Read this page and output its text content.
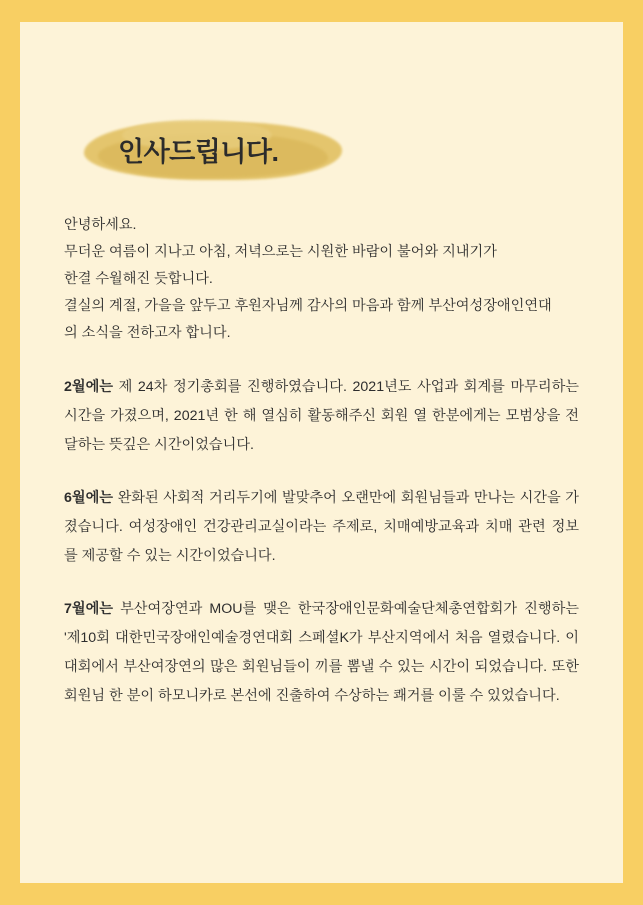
인사드립니다.
안녕하세요.
무더운 여름이 지나고 아침, 저녁으로는 시원한 바람이 불어와 지내기가
한결 수월해진 듯합니다.
결실의 계절, 가을을 앞두고 후원자님께 감사의 마음과 함께 부산여성장애인연대
의 소식을 전하고자 합니다.

2월에는 제 24차 정기총회를 진행하였습니다. 2021년도 사업과 회계를 마무리하는 시간을 가졌으며, 2021년 한 해 열심히 활동해주신 회원 열 한분에게는 모범상을 전달하는 뜻깊은 시간이었습니다.

6월에는 완화된 사회적 거리두기에 발맞추어 오랜만에 회원님들과 만나는 시간을 가졌습니다. 여성장애인 건강관리교실이라는 주제로, 치매예방교육과 치매 관련 정보를 제공할 수 있는 시간이었습니다.

7월에는 부산여장연과 MOU를 맺은 한국장애인문화예술단체총연합회가 진행하는 '제10회 대한민국장애인예술경연대회 스페셜K가 부산지역에서 처음 열렸습니다. 이 대회에서 부산여장연의 많은 회원님들이 끼를 뽐낼 수 있는 시간이 되었습니다. 또한 회원님 한 분이 하모니카로 본선에 진출하여 수상하는 쾌거를 이룰 수 있었습니다.
